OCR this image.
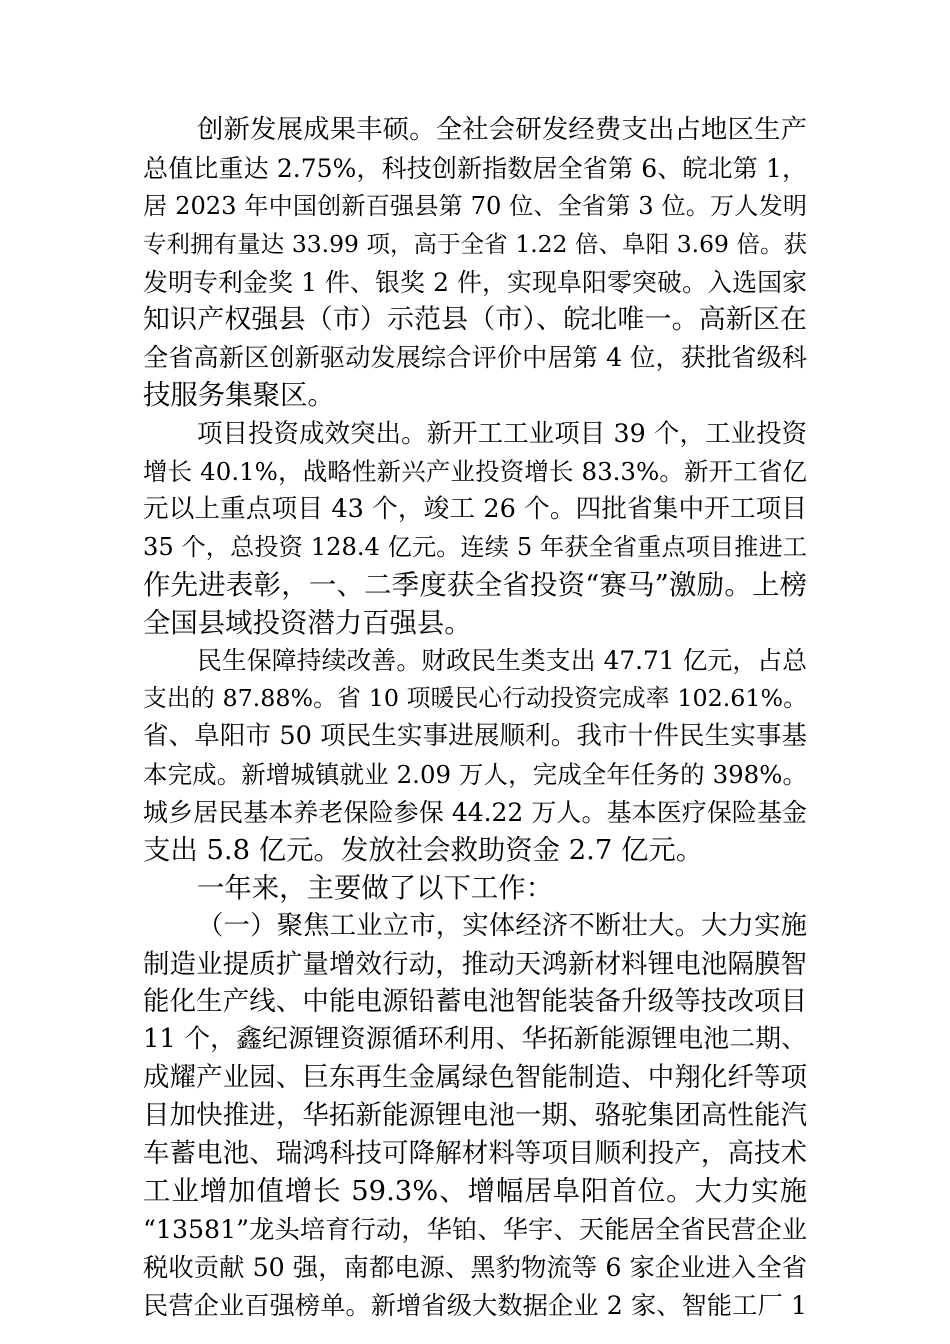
创新发展成果丰硕。全社会研发经费支出占地区生产
总值比重达 2.75%，科技创新指数居全省第 6、皖北第 1，
居 2023 年中国创新百强县第 70 位、全省第 3 位。万人发明
专利拥有量达 33.99 项，高于全省 1.22 倍、阜阳 3.69 倍。获
发明专利金奖 1 件、银奖 2 件，实现阜阳零突破。入选国家
知识产权强县（市）示范县（市）、皖北唯一。高新区在
全省高新区创新驱动发展综合评价中居第 4 位，获批省级科
技服务集聚区。
项目投资成效突出。新开工工业项目 39 个，工业投资
增长 40.1%，战略性新兴产业投资增长 83.3%。新开工省亿
元以上重点项目 43 个，竣工 26 个。四批省集中开工项目
35 个，总投资 128.4 亿元。连续 5 年获全省重点项目推进工
作先进表彰，一、二季度获全省投资“赛马”激励。上榜
全国县域投资潜力百强县。
民生保障持续改善。财政民生类支出 47.71 亿元，占总
支出的 87.88%。省 10 项暖民心行动投资完成率 102.61%。
省、阜阳市 50 项民生实事进展顺利。我市十件民生实事基
本完成。新增城镇就业 2.09 万人，完成全年任务的 398%。
城乡居民基本养老保险参保 44.22 万人。基本医疗保险基金
支出 5.8 亿元。发放社会救助资金 2.7 亿元。
一年来，主要做了以下工作：
（一）聚焦工业立市，实体经济不断壮大。大力实施
制造业提质扩量增效行动，推动天鸿新材料锂电池隔膜智
能化生产线、中能电源铅蓄电池智能装备升级等技改项目
11 个，鑫纪源锂资源循环利用、华拓新能源锂电池二期、
成耀产业园、巨东再生金属绿色智能制造、中翔化纤等项
目加快推进，华拓新能源锂电池一期、骆驼集团高性能汽
车蓄电池、瑞鸿科技可降解材料等项目顺利投产，高技术
工业增加值增长 59.3%、增幅居阜阳首位。大力实施
“13581”龙头培育行动，华铂、华宇、天能居全省民营企业
税收贡献 50 强，南都电源、黑豹物流等 6 家企业进入全省
民营企业百强榜单。新增省级大数据企业 2 家、智能工厂 1
